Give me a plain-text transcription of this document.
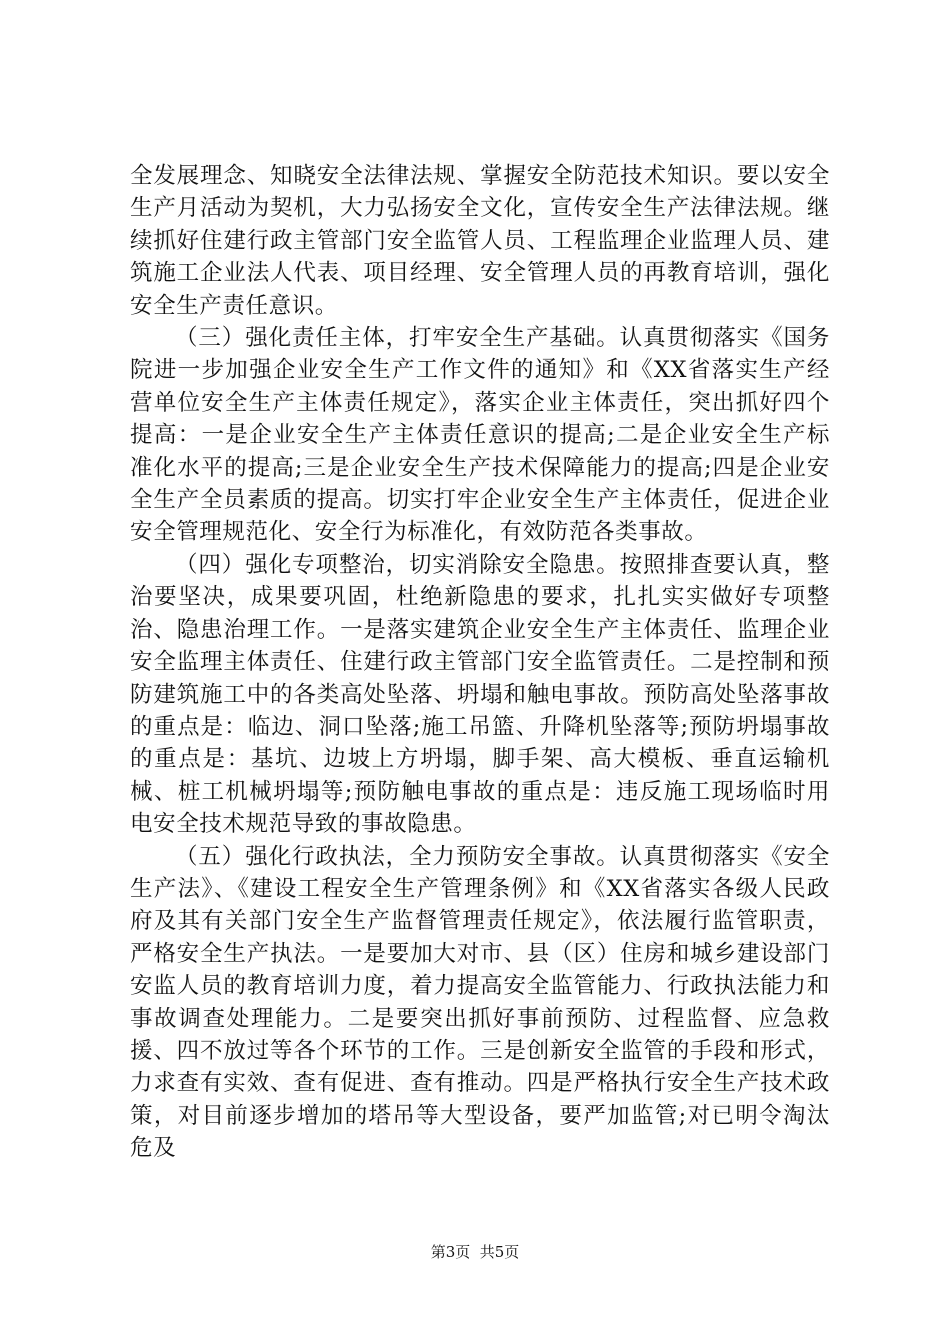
全发展理念、知晓安全法律法规、掌握安全防范技术知识。要以安全生产月活动为契机，大力弘扬安全文化，宣传安全生产法律法规。继续抓好住建行政主管部门安全监管人员、工程监理企业监理人员、建筑施工企业法人代表、项目经理、安全管理人员的再教育培训，强化安全生产责任意识。

（三）强化责任主体，打牢安全生产基础。认真贯彻落实《国务院进一步加强企业安全生产工作文件的通知》和《XX省落实生产经营单位安全生产主体责任规定》，落实企业主体责任，突出抓好四个提高：一是企业安全生产主体责任意识的提高;二是企业安全生产标准化水平的提高;三是企业安全生产技术保障能力的提高;四是企业安全生产全员素质的提高。切实打牢企业安全生产主体责任，促进企业安全管理规范化、安全行为标准化，有效防范各类事故。

（四）强化专项整治，切实消除安全隐患。按照排查要认真，整治要坚决，成果要巩固，杜绝新隐患的要求，扎扎实实做好专项整治、隐患治理工作。一是落实建筑企业安全生产主体责任、监理企业安全监理主体责任、住建行政主管部门安全监管责任。二是控制和预防建筑施工中的各类高处坠落、坍塌和触电事故。预防高处坠落事故的重点是：临边、洞口坠落;施工吊篮、升降机坠落等;预防坍塌事故的重点是：基坑、边坡上方坍塌，脚手架、高大模板、垂直运输机械、桩工机械坍塌等;预防触电事故的重点是：违反施工现场临时用电安全技术规范导致的事故隐患。

（五）强化行政执法，全力预防安全事故。认真贯彻落实《安全生产法》、《建设工程安全生产管理条例》和《XX省落实各级人民政府及其有关部门安全生产监督管理责任规定》，依法履行监管职责，严格安全生产执法。一是要加大对市、县（区）住房和城乡建设部门安监人员的教育培训力度，着力提高安全监管能力、行政执法能力和事故调查处理能力。二是要突出抓好事前预防、过程监督、应急救援、四不放过等各个环节的工作。三是创新安全监管的手段和形式，力求查有实效、查有促进、查有推动。四是严格执行安全生产技术政策，对目前逐步增加的塔吊等大型设备，要严加监管;对已明令淘汰危及

第3页  共5页
